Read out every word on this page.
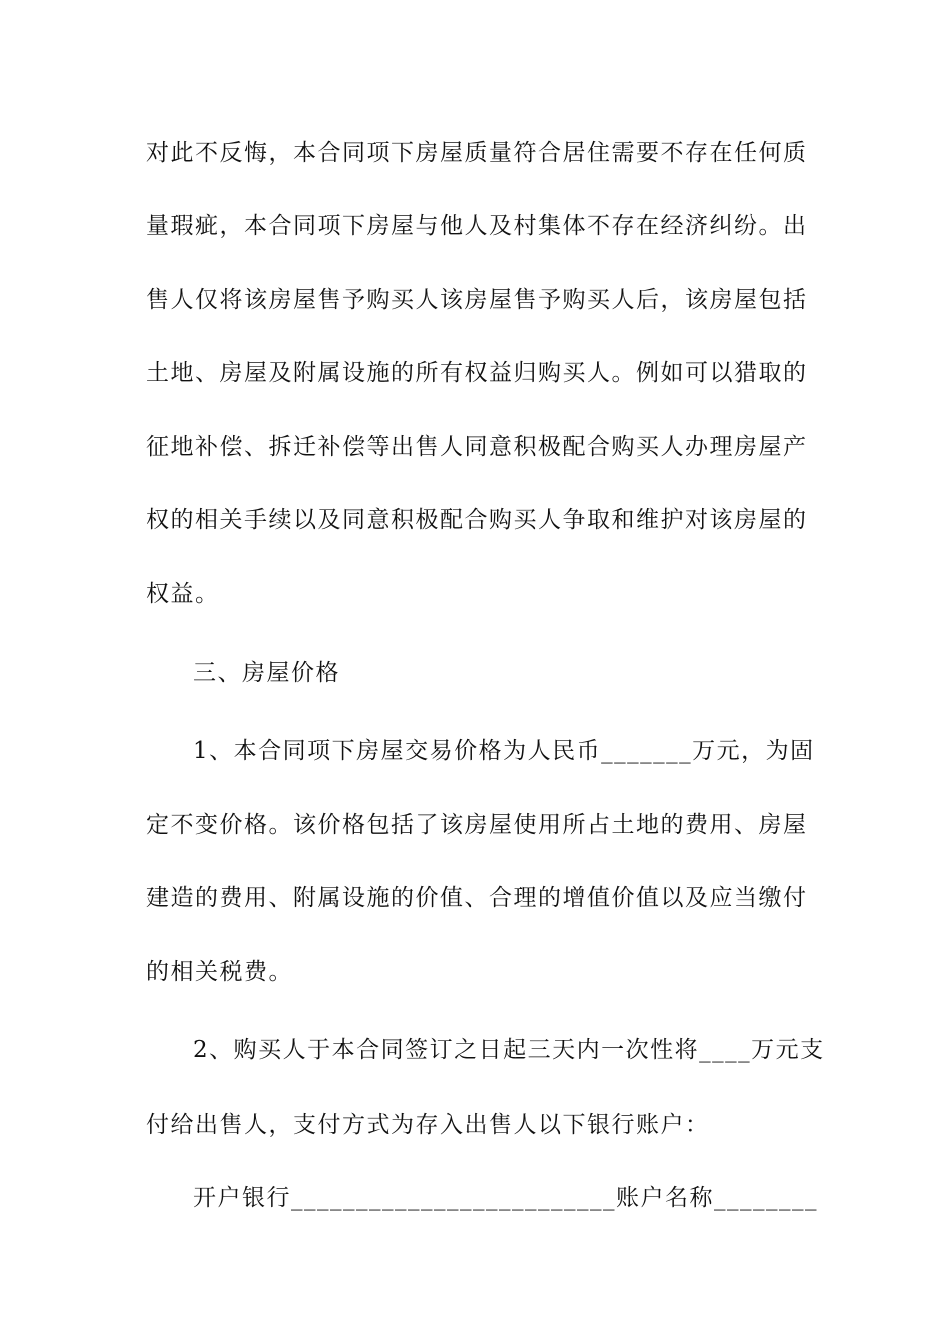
对此不反悔，本合同项下房屋质量符合居住需要不存在任何质
量瑕疵，本合同项下房屋与他人及村集体不存在经济纠纷。出
售人仅将该房屋售予购买人该房屋售予购买人后，该房屋包括
土地、房屋及附属设施的所有权益归购买人。例如可以猎取的
征地补偿、拆迁补偿等出售人同意积极配合购买人办理房屋产
权的相关手续以及同意积极配合购买人争取和维护对该房屋的
权益。
三、房屋价格
1、本合同项下房屋交易价格为人民币_______万元，为固
定不变价格。该价格包括了该房屋使用所占土地的费用、房屋
建造的费用、附属设施的价值、合理的增值价值以及应当缴付
的相关税费。
2、购买人于本合同签订之日起三天内一次性将____万元支
付给出售人，支付方式为存入出售人以下银行账户：
开户银行_________________________账户名称________
